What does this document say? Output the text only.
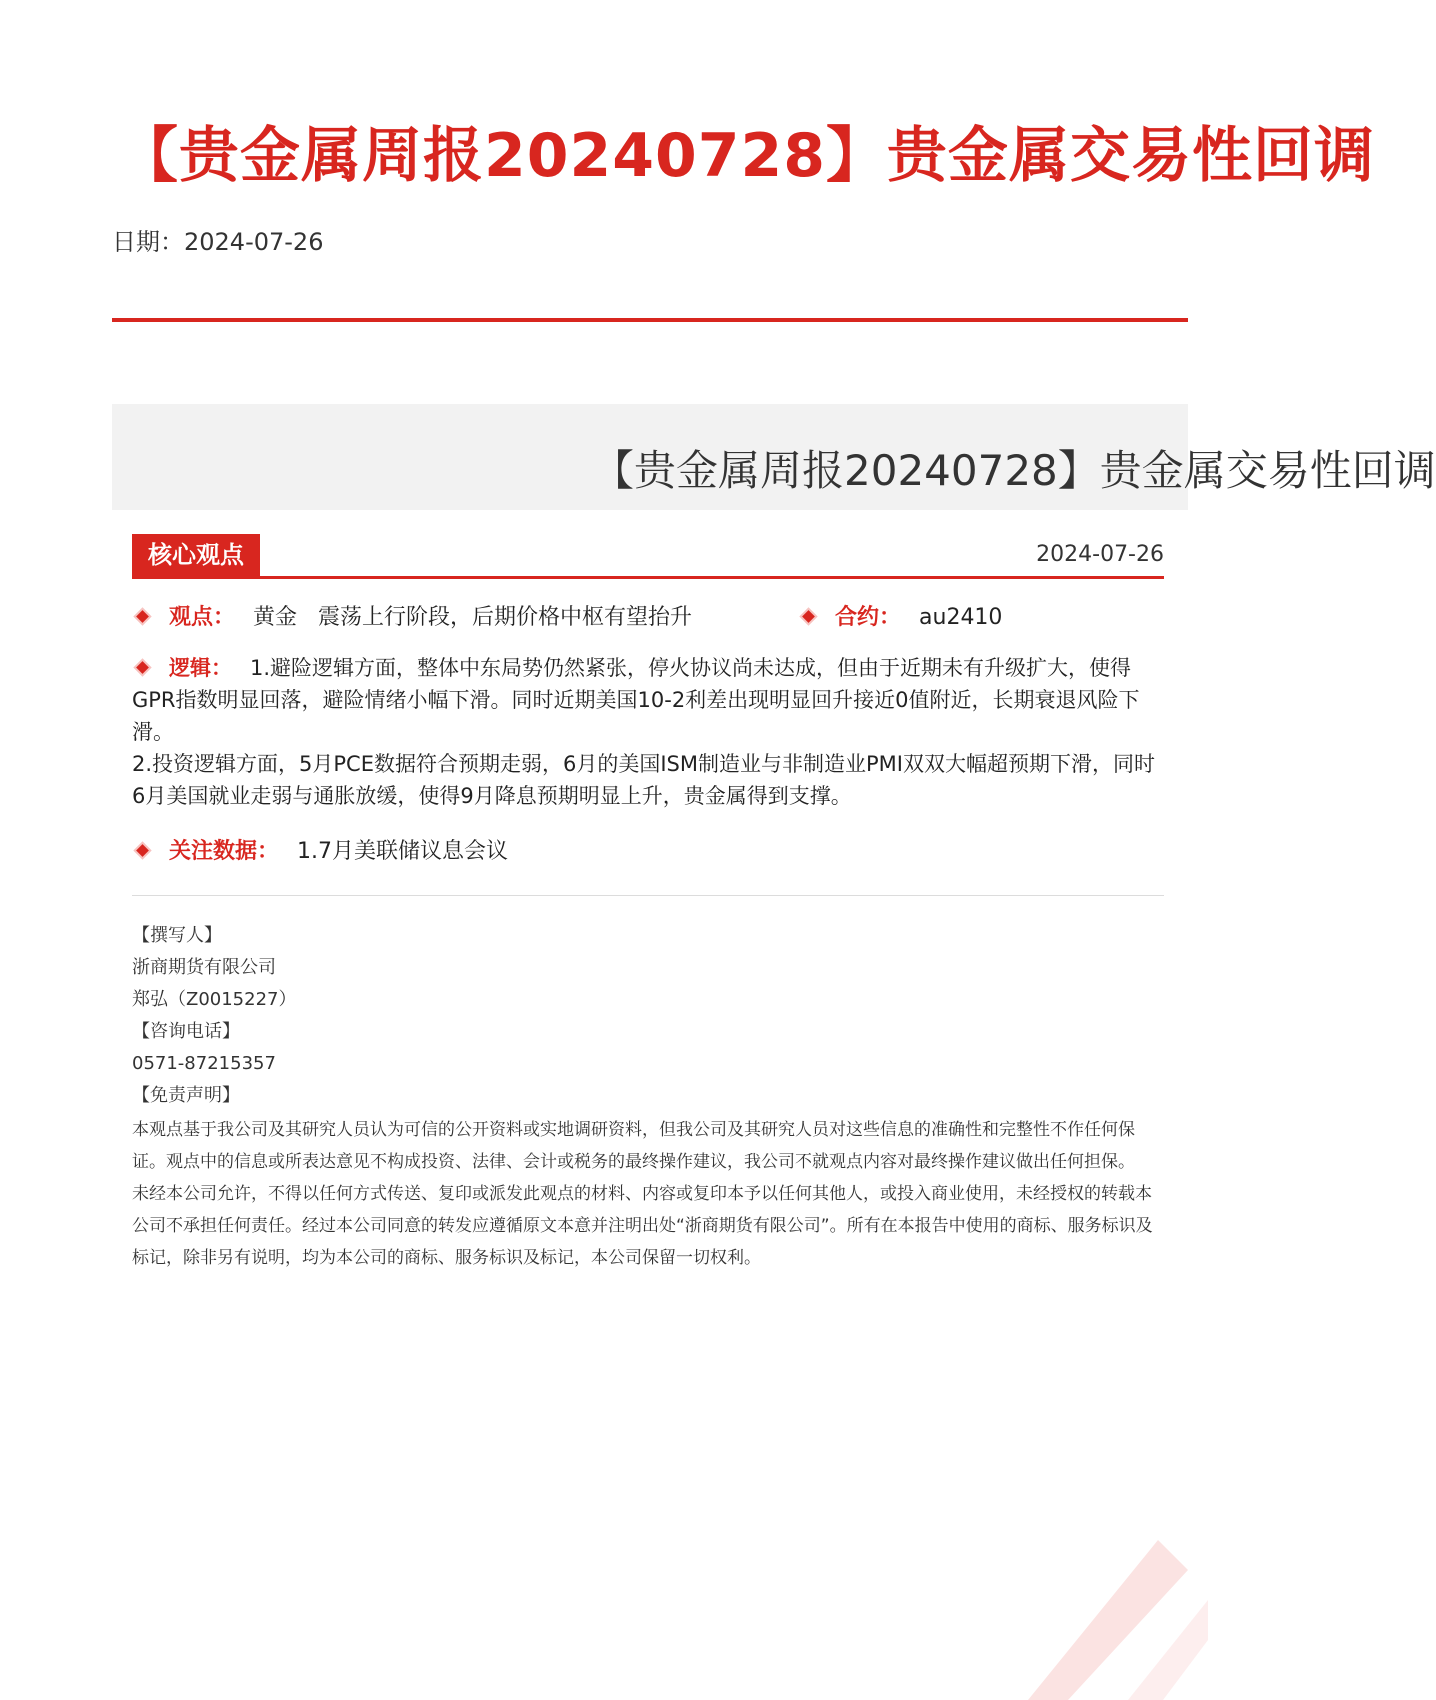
【贵金属周报20240728】贵金属交易性回调
日期：2024-07-26
【贵金属周报20240728】贵金属交易性回调
核心观点	2024-07-26
观点： 黄金   震荡上行阶段，后期价格中枢有望抬升	合约： au2410

逻辑： 1.避险逻辑方面，整体中东局势仍然紧张，停火协议尚未达成，但由于近期未有升级扩大，使得GPR指数明显回落，避险情绪小幅下滑。同时近期美国10-2利差出现明显回升接近0值附近，长期衰退风险下滑。

2.投资逻辑方面，5月PCE数据符合预期走弱，6月的美国ISM制造业与非制造业PMI双双大幅超预期下滑，同时6月美国就业走弱与通胀放缓，使得9月降息预期明显上升，贵金属得到支撑。

关注数据： 1.7月美联储议息会议

【撰写人】

浙商期货有限公司

郑弘（Z0015227）

【咨询电话】

0571-87215357

【免责声明】

本观点基于我公司及其研究人员认为可信的公开资料或实地调研资料，但我公司及其研究人员对这些信息的准确性和完整性不作任何保证。观点中的信息或所表达意见不构成投资、法律、会计或税务的最终操作建议，我公司不就观点内容对最终操作建议做出任何担保。

未经本公司允许，不得以任何方式传送、复印或派发此观点的材料、内容或复印本予以任何其他人，或投入商业使用，未经授权的转载本公司不承担任何责任。经过本公司同意的转发应遵循原文本意并注明出处“浙商期货有限公司”。所有在本报告中使用的商标、服务标识及标记，除非另有说明，均为本公司的商标、服务标识及标记，本公司保留一切权利。
